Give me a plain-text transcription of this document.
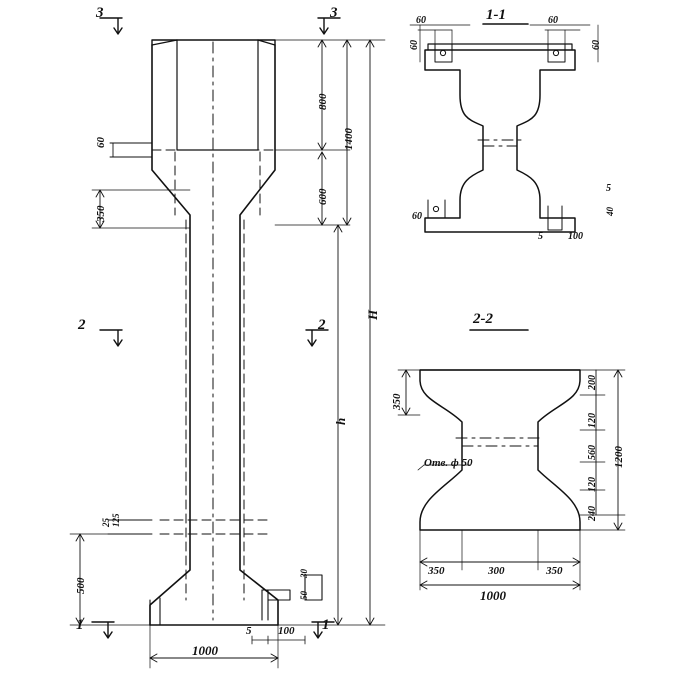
3	3
2	2
1	1
800
600
1400
350
60
H
h
25 125
500
30
50
5 100
1000
1-1
60	60
60	60
60
5
40
5	100
2-2
350
200
120
560
120
240
1200
350	300	350
1000
Отв. ф 50
